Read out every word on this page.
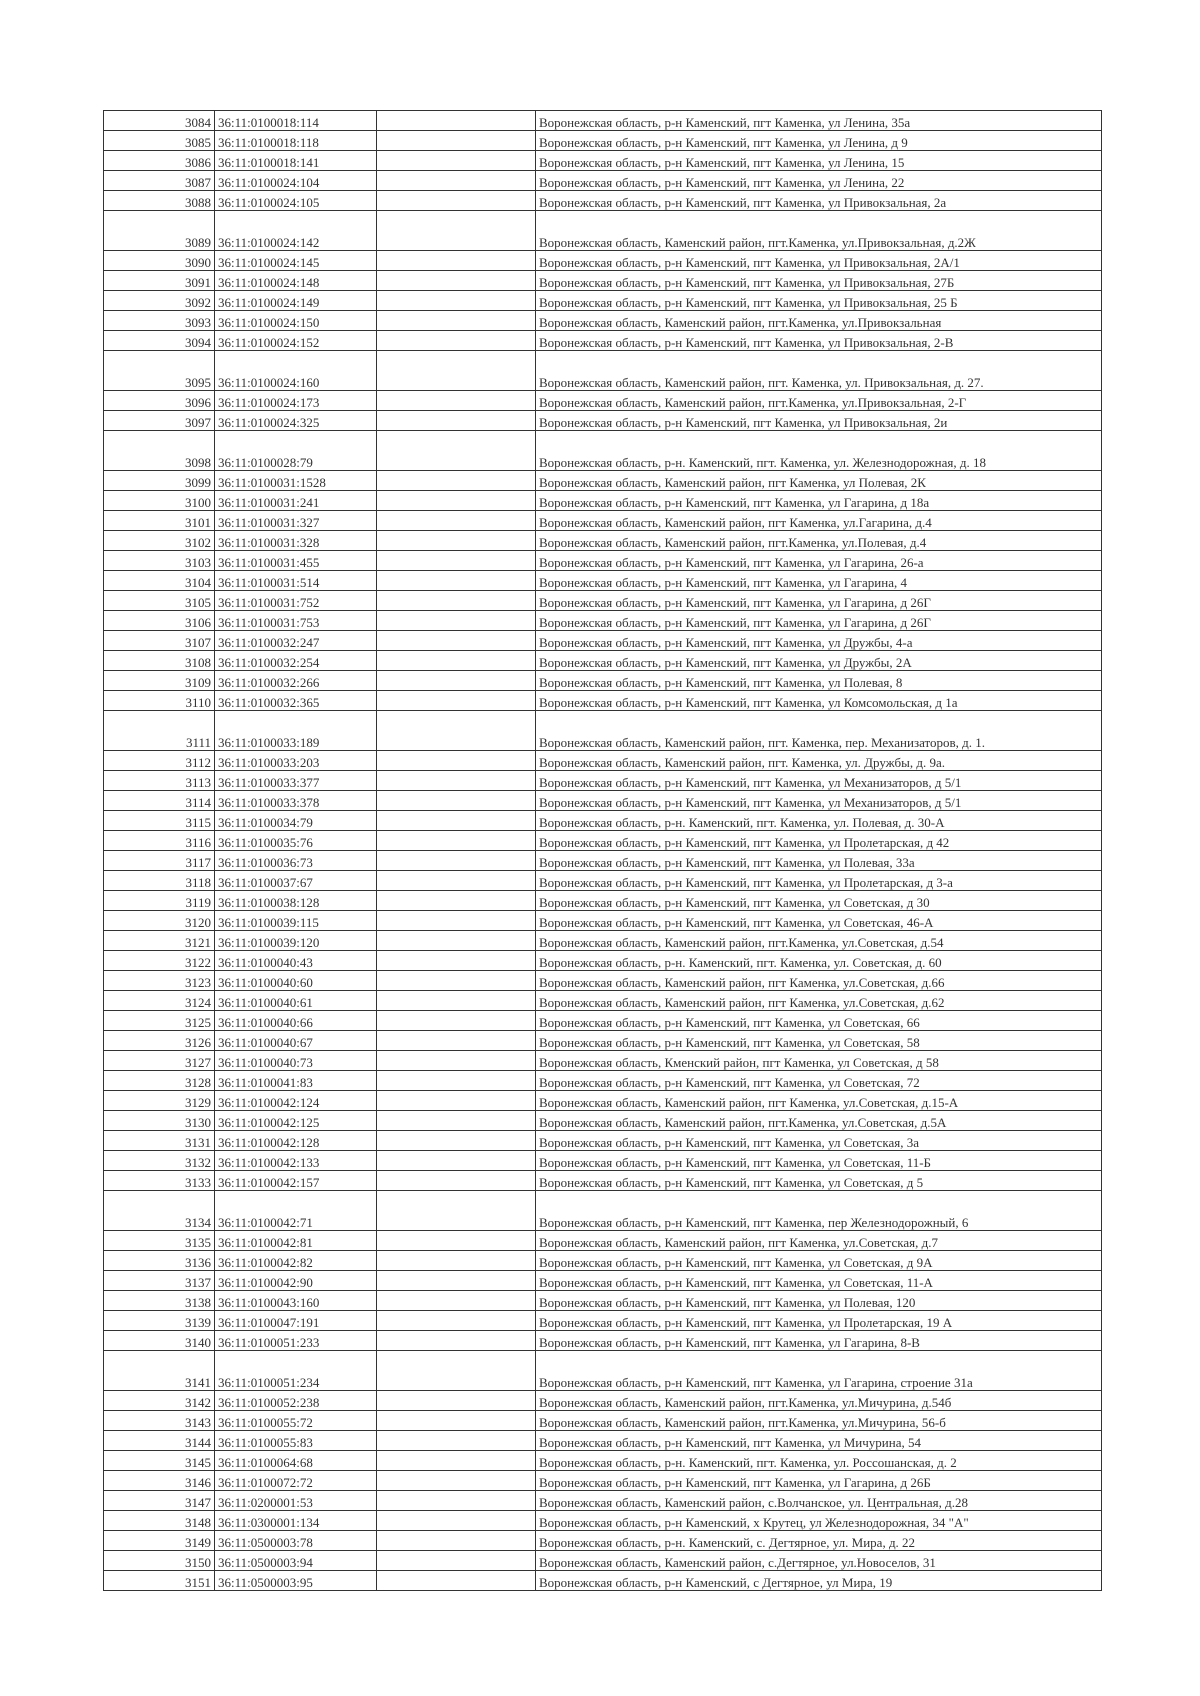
3084	36:11:0100018:114		Воронежская область, р-н Каменский, пгт Каменка, ул Ленина, 35а
3085	36:11:0100018:118		Воронежская область, р-н Каменский, пгт Каменка, ул Ленина, д 9
3086	36:11:0100018:141		Воронежская область, р-н Каменский, пгт Каменка, ул Ленина, 15
3087	36:11:0100024:104		Воронежская область, р-н Каменский, пгт Каменка, ул Ленина, 22
3088	36:11:0100024:105		Воронежская область, р-н Каменский, пгт Каменка, ул Привокзальная, 2а
3089	36:11:0100024:142		Воронежская область, Каменский район, пгт.Каменка, ул.Привокзальная, д.2Ж
3090	36:11:0100024:145		Воронежская область, р-н Каменский, пгт Каменка, ул Привокзальная, 2А/1
3091	36:11:0100024:148		Воронежская область, р-н Каменский, пгт Каменка, ул Привокзальная, 27Б
3092	36:11:0100024:149		Воронежская область, р-н Каменский, пгт Каменка, ул Привокзальная, 25 Б
3093	36:11:0100024:150		Воронежская область, Каменский район, пгт.Каменка, ул.Привокзальная
3094	36:11:0100024:152		Воронежская область, р-н Каменский, пгт Каменка, ул Привокзальная, 2-В
3095	36:11:0100024:160		Воронежская область, Каменский район, пгт. Каменка, ул. Привокзальная, д. 27.
3096	36:11:0100024:173		Воронежская область, Каменский район, пгт.Каменка, ул.Привокзальная, 2-Г
3097	36:11:0100024:325		Воронежская область, р-н Каменский, пгт Каменка, ул Привокзальная, 2и
3098	36:11:0100028:79		Воронежская область, р-н. Каменский, пгт. Каменка, ул. Железнодорожная, д. 18
3099	36:11:0100031:1528		Воронежская область, Каменский район, пгт Каменка, ул Полевая, 2К
3100	36:11:0100031:241		Воронежская область, р-н Каменский, пгт Каменка, ул Гагарина, д 18а
3101	36:11:0100031:327		Воронежская область, Каменский район, пгт Каменка, ул.Гагарина, д.4
3102	36:11:0100031:328		Воронежская область, Каменский район, пгт.Каменка, ул.Полевая, д.4
3103	36:11:0100031:455		Воронежская область, р-н Каменский, пгт Каменка, ул Гагарина, 26-а
3104	36:11:0100031:514		Воронежская область, р-н Каменский, пгт Каменка, ул Гагарина, 4
3105	36:11:0100031:752		Воронежская область, р-н Каменский, пгт Каменка, ул Гагарина, д 26Г
3106	36:11:0100031:753		Воронежская область, р-н Каменский, пгт Каменка, ул Гагарина, д 26Г
3107	36:11:0100032:247		Воронежская область, р-н Каменский, пгт Каменка, ул Дружбы, 4-а
3108	36:11:0100032:254		Воронежская область, р-н Каменский, пгт Каменка, ул Дружбы, 2А
3109	36:11:0100032:266		Воронежская область, р-н Каменский, пгт Каменка, ул Полевая, 8
3110	36:11:0100032:365		Воронежская область, р-н Каменский, пгт Каменка, ул Комсомольская, д 1а
3111	36:11:0100033:189		Воронежская область, Каменский район, пгт. Каменка, пер. Механизаторов, д. 1.
3112	36:11:0100033:203		Воронежская область, Каменский район, пгт. Каменка, ул. Дружбы, д. 9а.
3113	36:11:0100033:377		Воронежская область, р-н Каменский, пгт Каменка, ул Механизаторов, д 5/1
3114	36:11:0100033:378		Воронежская область, р-н Каменский, пгт Каменка, ул Механизаторов, д 5/1
3115	36:11:0100034:79		Воронежская область, р-н. Каменский, пгт. Каменка, ул. Полевая, д. 30-А
3116	36:11:0100035:76		Воронежская область, р-н Каменский, пгт Каменка, ул Пролетарская, д 42
3117	36:11:0100036:73		Воронежская область, р-н Каменский, пгт Каменка, ул Полевая, 33а
3118	36:11:0100037:67		Воронежская область, р-н Каменский, пгт Каменка, ул Пролетарская, д 3-а
3119	36:11:0100038:128		Воронежская область, р-н Каменский, пгт Каменка, ул Советская, д 30
3120	36:11:0100039:115		Воронежская область, р-н Каменский, пгт Каменка, ул Советская, 46-А
3121	36:11:0100039:120		Воронежская область, Каменский район, пгт.Каменка, ул.Советская, д.54
3122	36:11:0100040:43		Воронежская область, р-н. Каменский, пгт. Каменка, ул. Советская, д. 60
3123	36:11:0100040:60		Воронежская область, Каменский район, пгт Каменка, ул.Советская, д.66
3124	36:11:0100040:61		Воронежская область, Каменский район, пгт Каменка, ул.Советская, д.62
3125	36:11:0100040:66		Воронежская область, р-н Каменский, пгт Каменка, ул Советская, 66
3126	36:11:0100040:67		Воронежская область, р-н Каменский, пгт Каменка, ул Советская, 58
3127	36:11:0100040:73		Воронежская область, Кменский район, пгт Каменка, ул Советская, д 58
3128	36:11:0100041:83		Воронежская область, р-н Каменский, пгт Каменка, ул Советская, 72
3129	36:11:0100042:124		Воронежская область, Каменский район, пгт Каменка, ул.Советская, д.15-А
3130	36:11:0100042:125		Воронежская область, Каменский район, пгт.Каменка, ул.Советская, д.5А
3131	36:11:0100042:128		Воронежская область, р-н Каменский, пгт Каменка, ул Советская, 3а
3132	36:11:0100042:133		Воронежская область, р-н Каменский, пгт Каменка, ул Советская, 11-Б
3133	36:11:0100042:157		Воронежская область, р-н Каменский, пгт Каменка, ул Советская, д 5
3134	36:11:0100042:71		Воронежская область, р-н Каменский, пгт Каменка, пер Железнодорожный, 6
3135	36:11:0100042:81		Воронежская область, Каменский район, пгт Каменка, ул.Советская, д.7
3136	36:11:0100042:82		Воронежская область, р-н Каменский, пгт Каменка, ул Советская, д 9А
3137	36:11:0100042:90		Воронежская область, р-н Каменский, пгт Каменка, ул Советская, 11-А
3138	36:11:0100043:160		Воронежская область, р-н Каменский, пгт Каменка, ул Полевая, 120
3139	36:11:0100047:191		Воронежская область, р-н Каменский, пгт Каменка, ул Пролетарская, 19 А
3140	36:11:0100051:233		Воронежская область, р-н Каменский, пгт Каменка, ул Гагарина, 8-В
3141	36:11:0100051:234		Воронежская область, р-н Каменский, пгт Каменка, ул Гагарина, строение 31а
3142	36:11:0100052:238		Воронежская область, Каменский район, пгт.Каменка, ул.Мичурина, д.54б
3143	36:11:0100055:72		Воронежская область, Каменский район, пгт.Каменка, ул.Мичурина, 56-б
3144	36:11:0100055:83		Воронежская область, р-н Каменский, пгт Каменка, ул Мичурина, 54
3145	36:11:0100064:68		Воронежская область, р-н. Каменский, пгт. Каменка, ул. Россошанская, д. 2
3146	36:11:0100072:72		Воронежская область, р-н Каменский, пгт Каменка, ул Гагарина, д 26Б
3147	36:11:0200001:53		Воронежская область, Каменский район, с.Волчанское, ул. Центральная, д.28
3148	36:11:0300001:134		Воронежская область, р-н Каменский, х Крутец, ул Железнодорожная, 34 "А"
3149	36:11:0500003:78		Воронежская область, р-н. Каменский, с. Дегтярное, ул. Мира, д. 22
3150	36:11:0500003:94		Воронежская область, Каменский район, с.Дегтярное, ул.Новоселов, 31
3151	36:11:0500003:95		Воронежская область, р-н Каменский, с Дегтярное, ул Мира, 19
